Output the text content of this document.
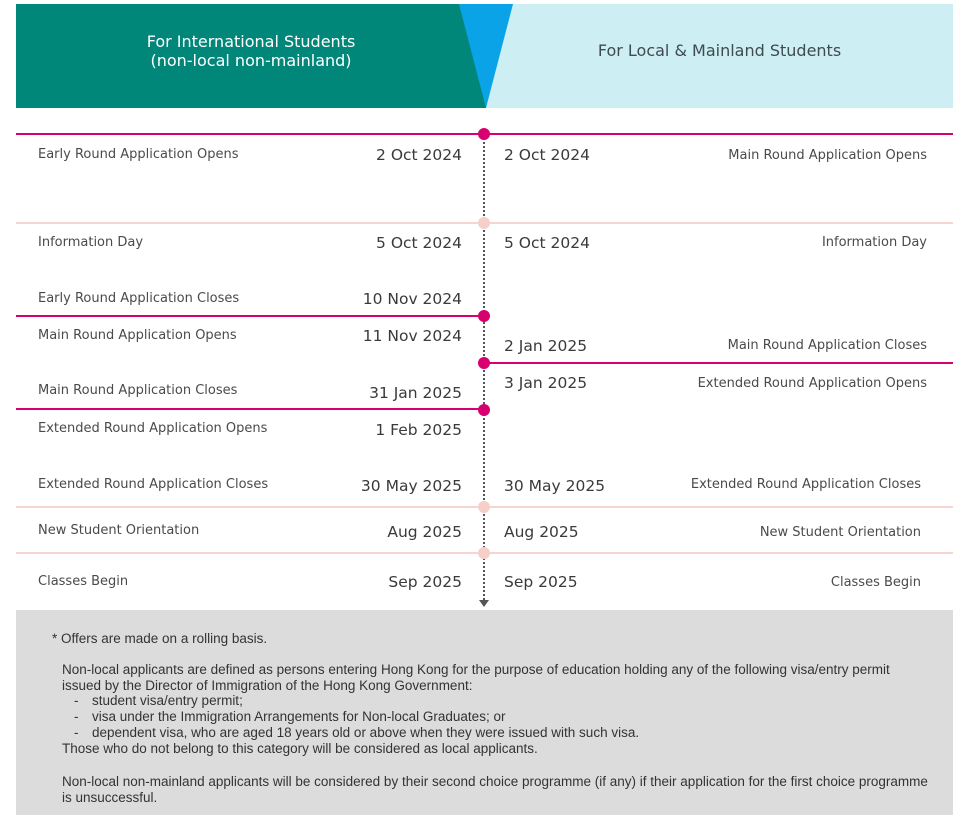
For International Students
(non-local non-mainland)
For Local & Mainland Students
Early Round Application Opens	2 Oct 2024
Information Day	5 Oct 2024
Early Round Application Closes	10 Nov 2024
Main Round Application Opens	11 Nov 2024
Main Round Application Closes	31 Jan 2025
Extended Round Application Opens	1 Feb 2025
Extended Round Application Closes	30 May 2025
New Student Orientation	Aug 2025
Classes Begin	Sep 2025
2 Oct 2024	Main Round Application Opens
5 Oct 2024	Information Day
2 Jan 2025	Main Round Application Closes
3 Jan 2025	Extended Round Application Opens
30 May 2025	Extended Round Application Closes
Aug 2025	New Student Orientation
Sep 2025	Classes Begin
* Offers are made on a rolling basis.
Non-local applicants are defined as persons entering Hong Kong for the purpose of education holding any of the following visa/entry permit issued by the Director of Immigration of the Hong Kong Government:
- student visa/entry permit;
- visa under the Immigration Arrangements for Non-local Graduates; or
- dependent visa, who are aged 18 years old or above when they were issued with such visa.
Those who do not belong to this category will be considered as local applicants.
Non-local non-mainland applicants will be considered by their second choice programme (if any) if their application for the first choice programme is unsuccessful.
